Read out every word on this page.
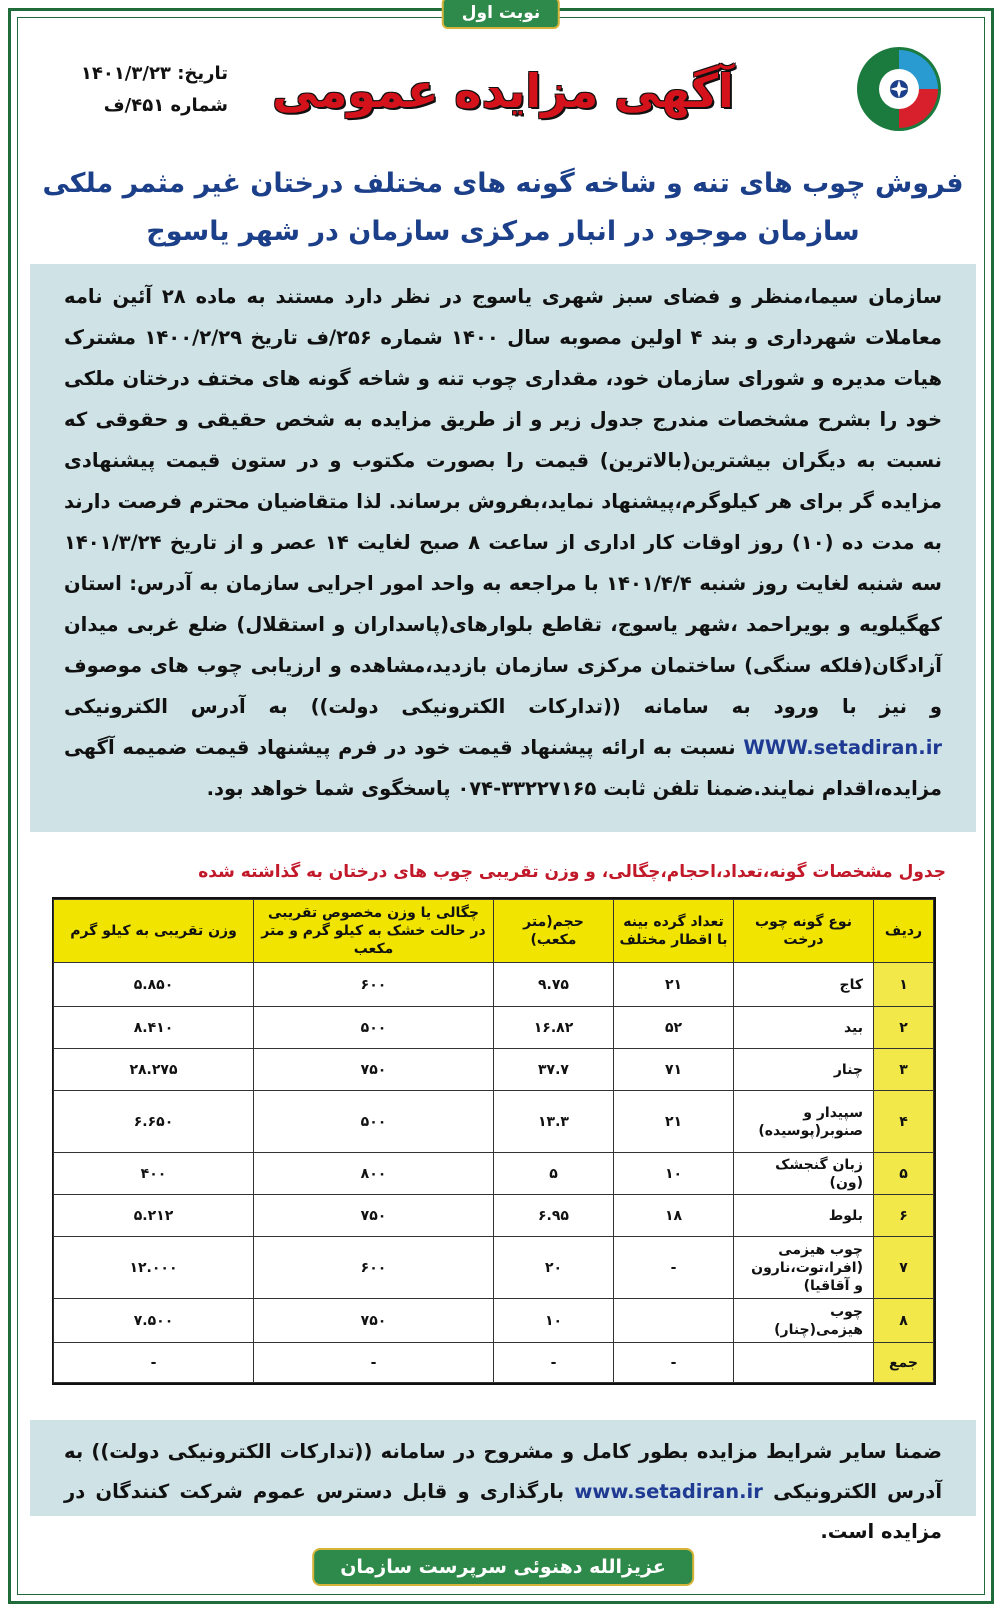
نوبت اول
تاریخ: ۱۴۰۱/۳/۲۳
شماره ۴۵۱/ف آگهی مزایده عمومی
فروش چوب های تنه و شاخه گونه های مختلف درختان غیر مثمر ملکی
سازمان موجود در انبار مرکزی سازمان در شهر یاسوج
سازمان سیما،منظر و فضای سبز شهری یاسوج در نظر دارد مستند به ماده ۲۸ آئین نامه معاملات شهرداری و بند ۴ اولین مصوبه سال ۱۴۰۰ شماره ۲۵۶/ف تاریخ ۱۴۰۰/۲/۲۹ مشترک هیات مدیره و شورای سازمان خود، مقداری چوب تنه و شاخه گونه های مختف درختان ملکی خود را بشرح مشخصات مندرج جدول زیر و از طریق مزایده به شخص حقیقی و حقوقی که نسبت به دیگران بیشترین(بالاترین) قیمت را بصورت مکتوب و در ستون قیمت پیشنهادی مزایده گر برای هر کیلوگرم،پیشنهاد نماید،بفروش برساند. لذا متقاضیان محترم فرصت دارند به مدت ده (۱۰) روز اوقات کار اداری از ساعت ۸ صبح لغایت ۱۴ عصر و از تاریخ ۱۴۰۱/۳/۲۴ سه شنبه لغایت روز شنبه ۱۴۰۱/۴/۴ با مراجعه به واحد امور اجرایی سازمان به آدرس: استان کهگیلویه و بویراحمد ،شهر یاسوج، تقاطع بلوارهای(پاسداران و استقلال) ضلع غربی میدان آزادگان(فلکه سنگی) ساختمان مرکزی سازمان بازدید،مشاهده و ارزیابی چوب های موصوف و نیز با ورود به سامانه ((تدارکات الکترونیکی دولت)) به آدرس الکترونیکی WWW.setadiran.ir نسبت به ارائه پیشنهاد قیمت خود در فرم پیشنهاد قیمت ضمیمه آگهی مزایده،اقدام نمایند.ضمنا تلفن ثابت ۳۳۲۲۷۱۶۵-۰۷۴ پاسخگوی شما خواهد بود.
جدول مشخصات گونه،تعداد،احجام،چگالی، و وزن تقریبی چوب های درختان به گذاشته شده
ردیف	نوع گونه چوب درخت	تعداد گرده بینه با اقطار مختلف	حجم(متر مکعب)	چگالی یا وزن مخصوص تقریبی در حالت خشک به کیلو گرم و متر مکعب	وزن تقریبی به کیلو گرم
۱	کاج	۲۱	۹.۷۵	۶۰۰	۵.۸۵۰
۲	بید	۵۲	۱۶.۸۲	۵۰۰	۸.۴۱۰
۳	چنار	۷۱	۳۷.۷	۷۵۰	۲۸.۲۷۵
۴	سپیدار و صنوبر(پوسیده)	۲۱	۱۳.۳	۵۰۰	۶.۶۵۰
۵	زبان گنجشک (ون)	۱۰	۵	۸۰۰	۴۰۰
۶	بلوط	۱۸	۶.۹۵	۷۵۰	۵.۲۱۲
۷	چوب هیزمی (افرا،توت،نارون و آقاقیا)	-	۲۰	۶۰۰	۱۲.۰۰۰
۸	چوب هیزمی(چنار)		۱۰	۷۵۰	۷.۵۰۰
جمع		-	-	-	-
ضمنا سایر شرایط مزایده بطور کامل و مشروح در سامانه ((تدارکات الکترونیکی دولت)) به آدرس الکترونیکی www.setadiran.ir بارگذاری و قابل دسترس عموم شرکت کنندگان در مزایده است.
عزیزالله دهنوئی سرپرست سازمان
